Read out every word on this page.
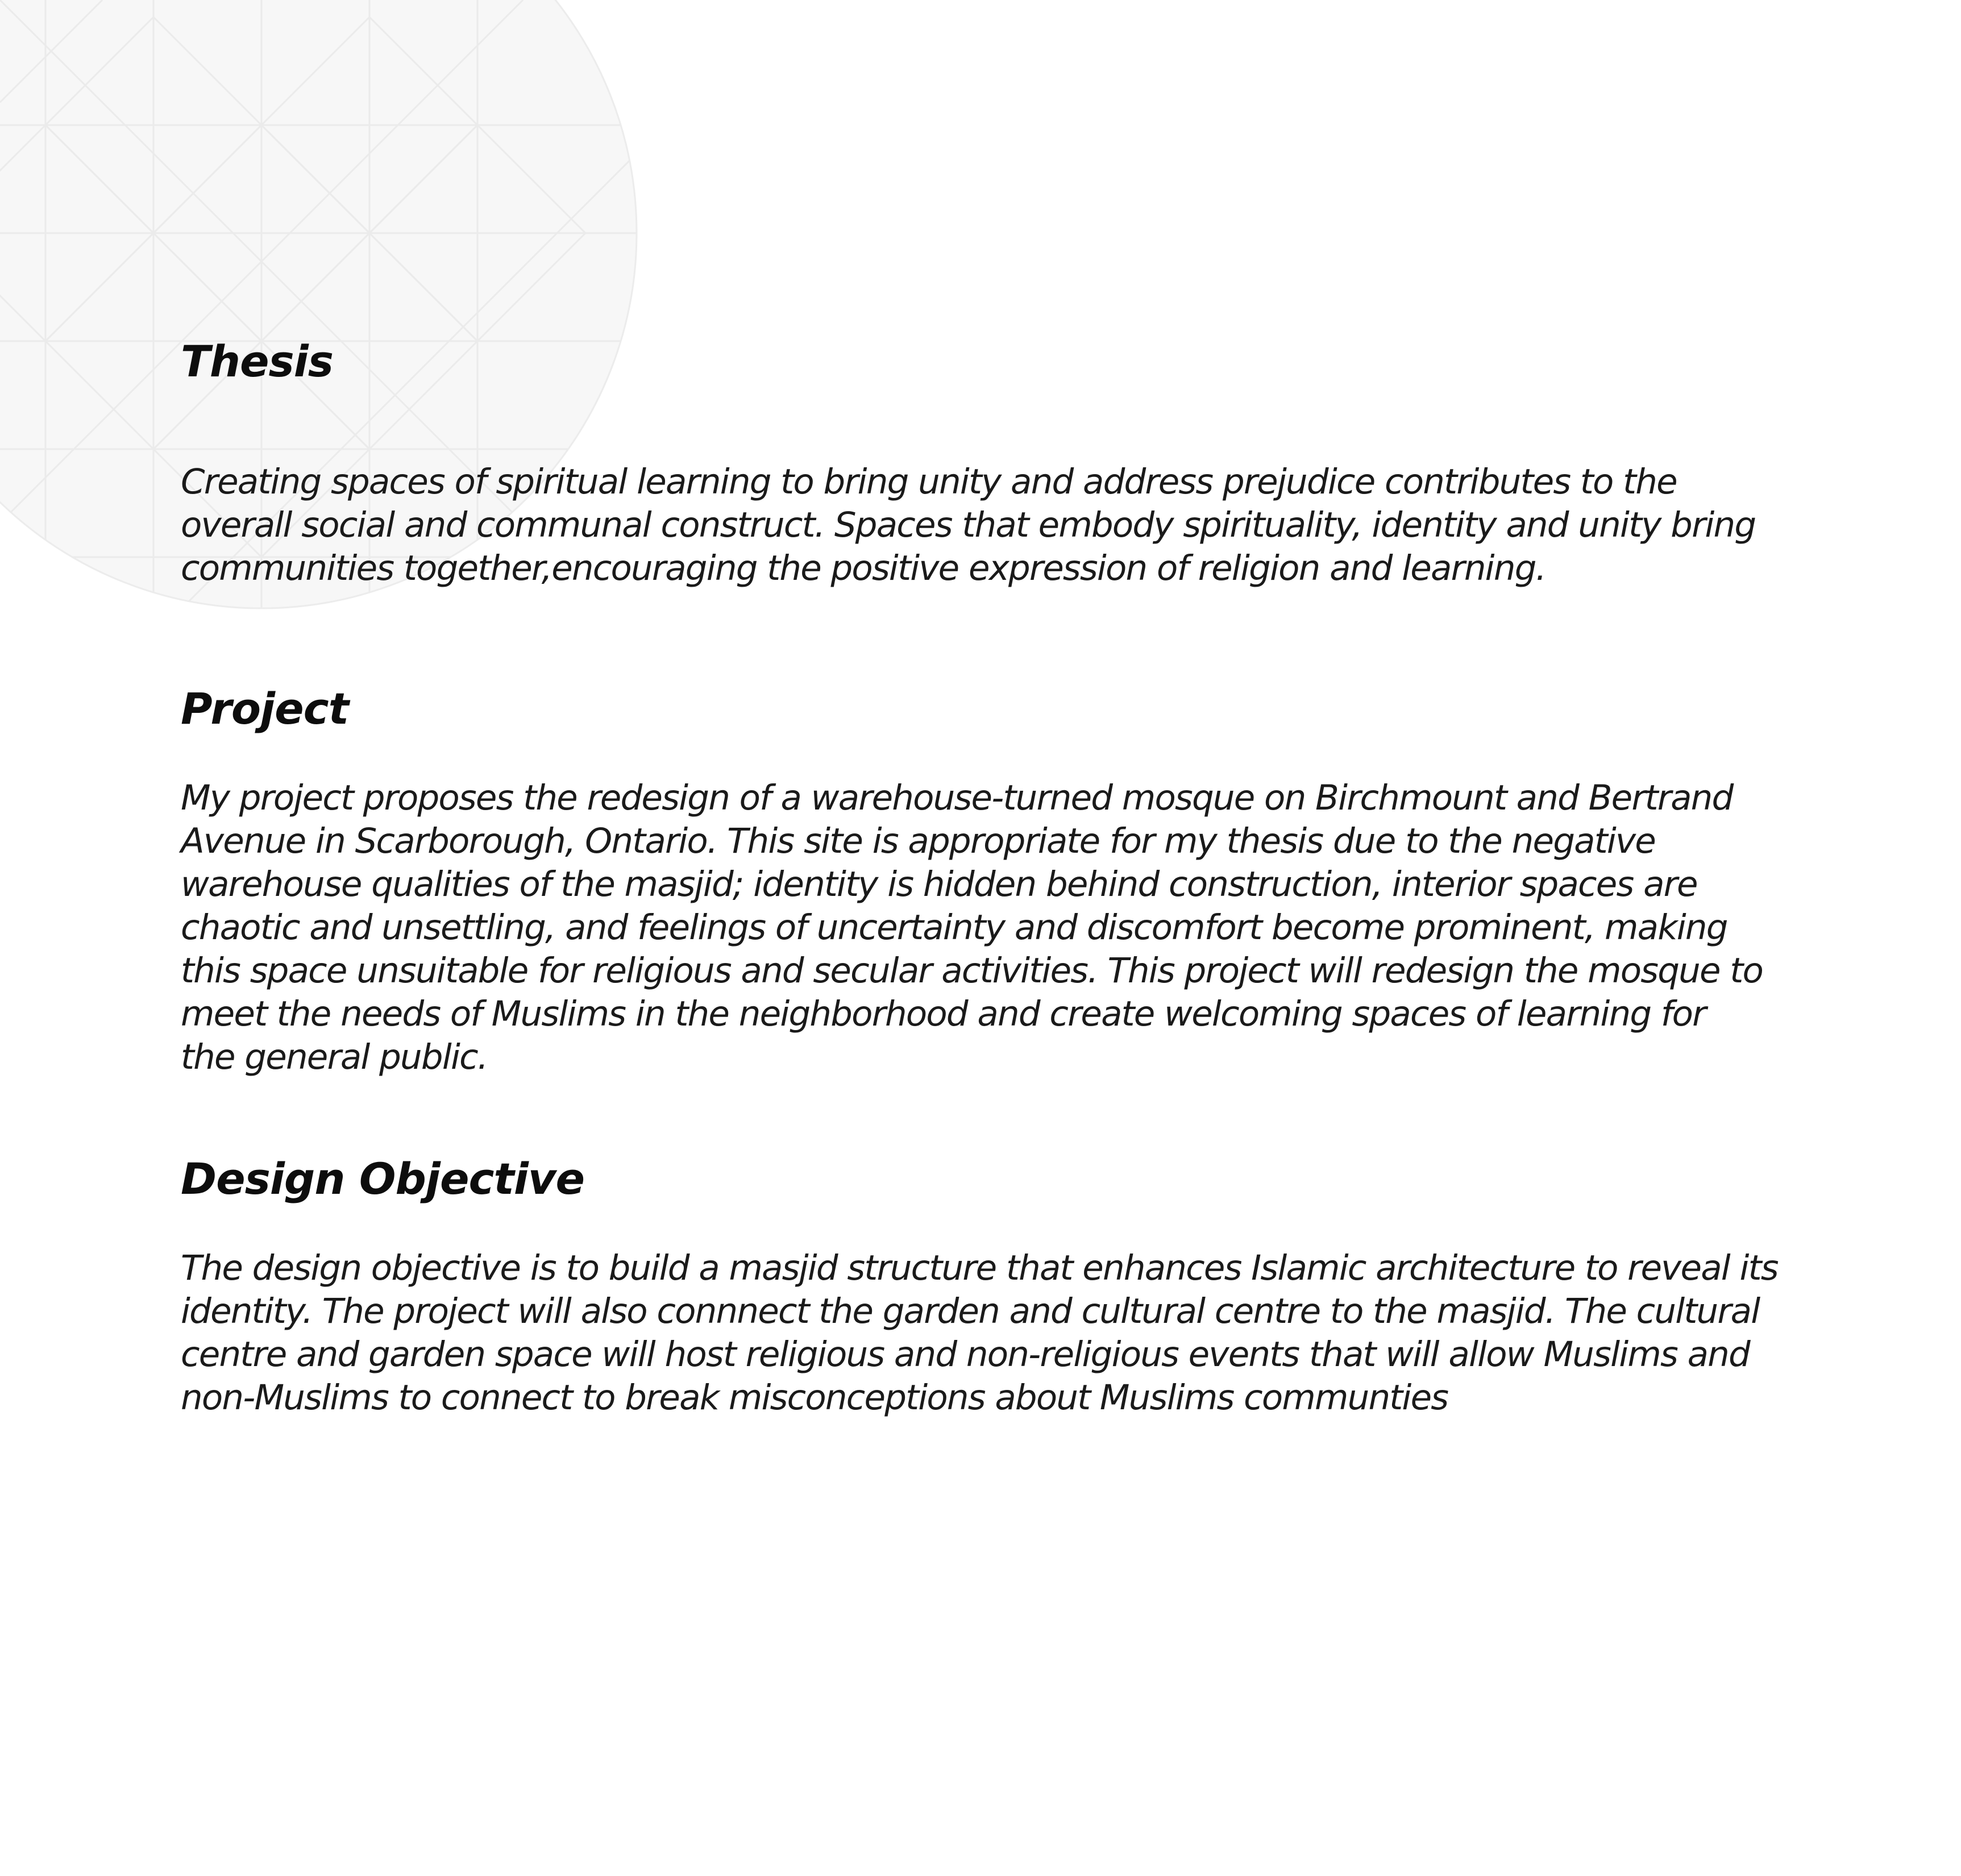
Thesis
Creating spaces of spiritual learning to bring unity and address prejudice contributes to the
overall social and communal construct. Spaces that embody spirituality, identity and unity bring
communities together,encouraging the positive expression of religion and learning.
Project
My project proposes the redesign of a warehouse-turned mosque on Birchmount and Bertrand
Avenue in Scarborough, Ontario. This site is appropriate for my thesis due to the negative
warehouse qualities of the masjid; identity is hidden behind construction, interior spaces are
chaotic and unsettling, and feelings of uncertainty and discomfort become prominent, making
this space unsuitable for religious and secular activities. This project will redesign the mosque to
meet the needs of Muslims in the neighborhood and create welcoming spaces of learning for
the general public.
Design Objective
The design objective is to build a masjid structure that enhances Islamic architecture to reveal its
identity. The project will also connnect the garden and cultural centre to the masjid. The cultural
centre and garden space will host religious and non-religious events that will allow Muslims and
non-Muslims to connect to break misconceptions about Muslims communties
